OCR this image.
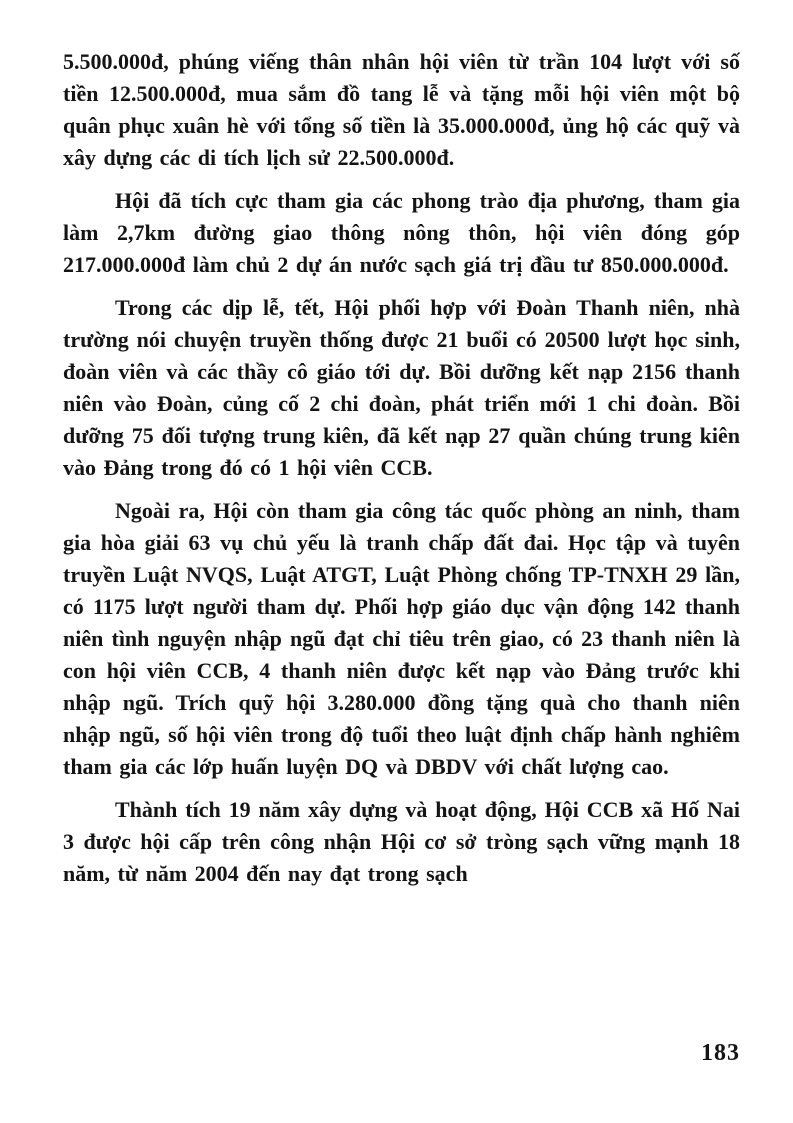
5.500.000đ, phúng viếng thân nhân hội viên từ trần 104 lượt với số tiền 12.500.000đ, mua sắm đồ tang lễ và tặng mỗi hội viên một bộ quân phục xuân hè với tổng số tiền là 35.000.000đ, ủng hộ các quỹ và xây dựng các di tích lịch sử 22.500.000đ.

Hội đã tích cực tham gia các phong trào địa phương, tham gia làm 2,7km đường giao thông nông thôn, hội viên đóng góp 217.000.000đ làm chủ 2 dự án nước sạch giá trị đầu tư 850.000.000đ.

Trong các dịp lễ, tết, Hội phối hợp với Đoàn Thanh niên, nhà trường nói chuyện truyền thống được 21 buổi có 20500 lượt học sinh, đoàn viên và các thầy cô giáo tới dự. Bồi dưỡng kết nạp 2156 thanh niên vào Đoàn, củng cố 2 chi đoàn, phát triển mới 1 chi đoàn. Bồi dưỡng 75 đối tượng trung kiên, đã kết nạp 27 quần chúng trung kiên vào Đảng trong đó có 1 hội viên CCB.

Ngoài ra, Hội còn tham gia công tác quốc phòng an ninh, tham gia hòa giải 63 vụ chủ yếu là tranh chấp đất đai. Học tập và tuyên truyền Luật NVQS, Luật ATGT, Luật Phòng chống TP-TNXH 29 lần, có 1175 lượt người tham dự. Phối hợp giáo dục vận động 142 thanh niên tình nguyện nhập ngũ đạt chỉ tiêu trên giao, có 23 thanh niên là con hội viên CCB, 4 thanh niên được kết nạp vào Đảng trước khi nhập ngũ. Trích quỹ hội 3.280.000 đồng tặng quà cho thanh niên nhập ngũ, số hội viên trong độ tuổi theo luật định chấp hành nghiêm tham gia các lớp huấn luyện DQ và DBDV với chất lượng cao.

Thành tích 19 năm xây dựng và hoạt động, Hội CCB xã Hố Nai 3 được hội cấp trên công nhận Hội cơ sở tròng sạch vững mạnh 18 năm, từ năm 2004 đến nay đạt trong sạch

183
